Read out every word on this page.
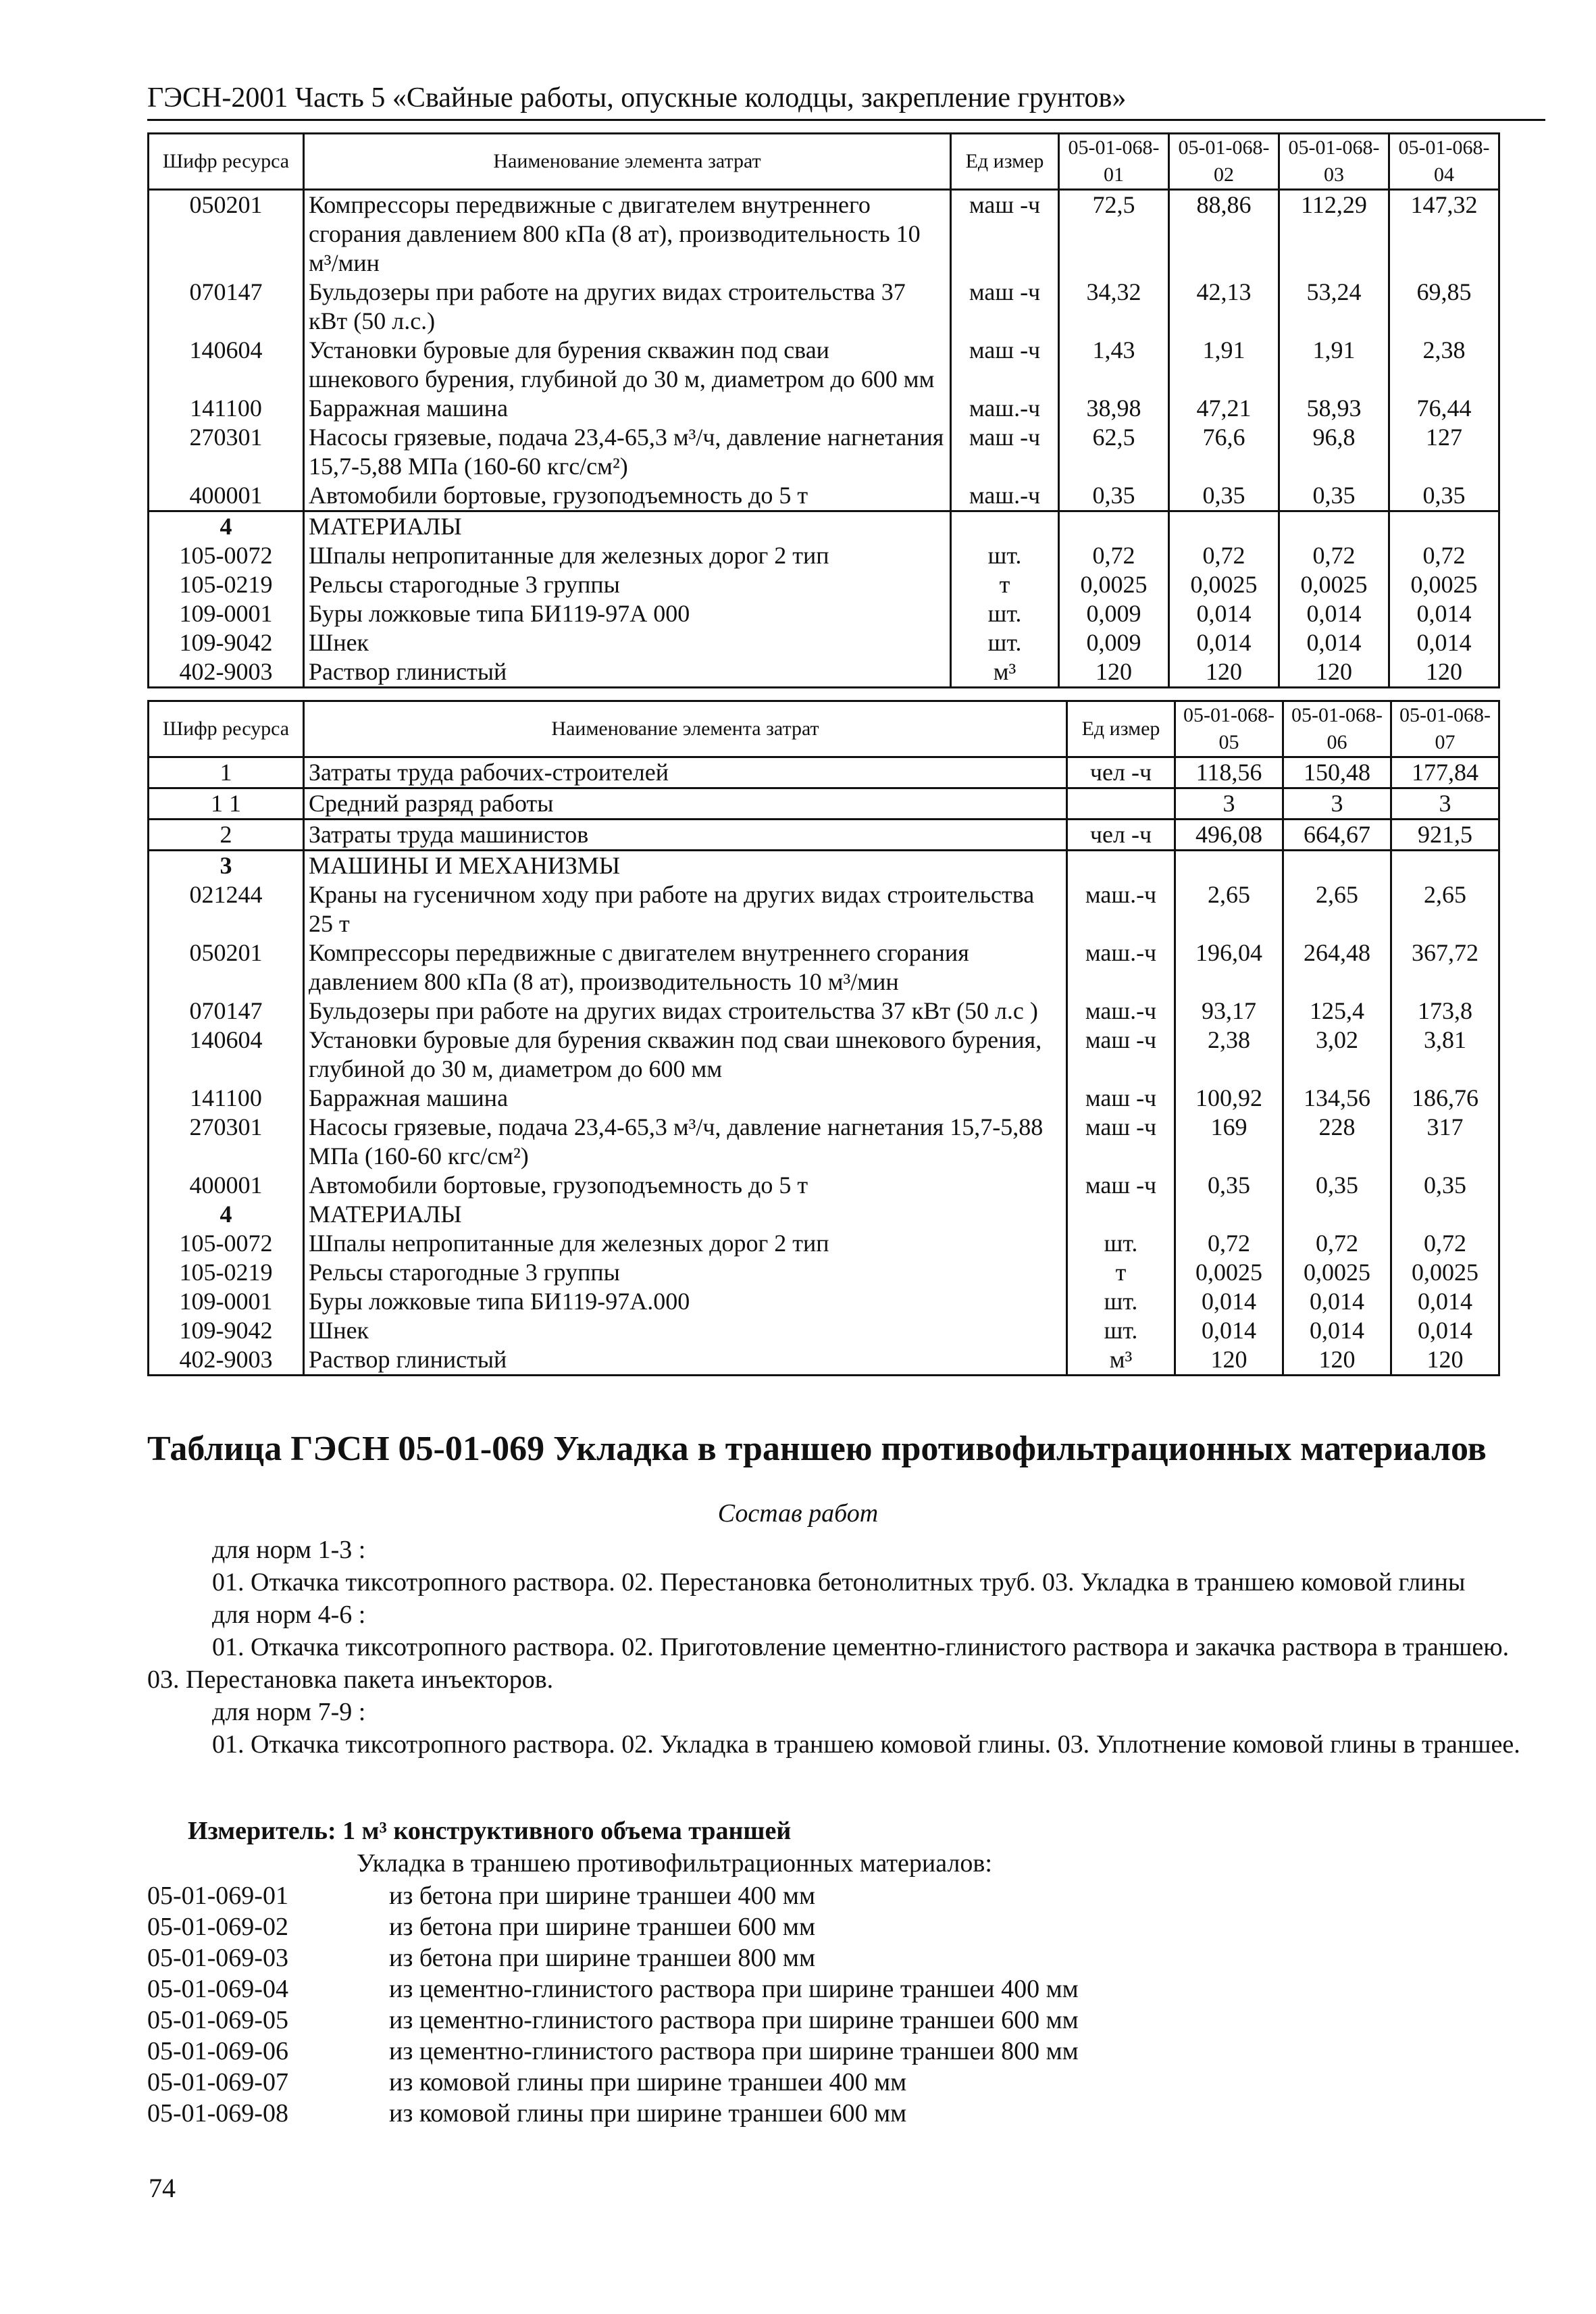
ГЭСН-2001 Часть 5 «Свайные работы, опускные колодцы, закрепление грунтов»
Шифр ресурса	Наименование элемента затрат	Ед измер	05-01-068-01	05-01-068-02	05-01-068-03	05-01-068-04
050201	Компрессоры передвижные с двигателем внутреннего сгорания давлением 800 кПа (8 ат), производительность 10 м³/мин	маш -ч	72,5	88,86	112,29	147,32
070147	Бульдозеры при работе на других видах строительства 37 кВт (50 л.с.)	маш -ч	34,32	42,13	53,24	69,85
140604	Установки буровые для бурения скважин под сваи шнекового бурения, глубиной до 30 м, диаметром до 600 мм	маш -ч	1,43	1,91	1,91	2,38
141100	Барражная машина	маш.-ч	38,98	47,21	58,93	76,44
270301	Насосы грязевые, подача 23,4-65,3 м³/ч, давление нагнетания 15,7-5,88 МПа (160-60 кгс/см²)	маш -ч	62,5	76,6	96,8	127
400001	Автомобили бортовые, грузоподъемность до 5 т	маш.-ч	0,35	0,35	0,35	0,35
4	МАТЕРИАЛЫ					
105-0072	Шпалы непропитанные для железных дорог 2 тип	шт.	0,72	0,72	0,72	0,72
105-0219	Рельсы старогодные 3 группы	т	0,0025	0,0025	0,0025	0,0025
109-0001	Буры ложковые типа БИ119-97А 000	шт.	0,009	0,014	0,014	0,014
109-9042	Шнек	шт.	0,009	0,014	0,014	0,014
402-9003	Раствор глинистый	м³	120	120	120	120
Шифр ресурса	Наименование элемента затрат	Ед измер	05-01-068-05	05-01-068-06	05-01-068-07
1	Затраты труда рабочих-строителей	чел -ч	118,56	150,48	177,84
1 1	Средний разряд работы		3	3	3
2	Затраты труда машинистов	чел -ч	496,08	664,67	921,5
3	МАШИНЫ И МЕХАНИЗМЫ				
021244	Краны на гусеничном ходу при работе на других видах строительства 25 т	маш.-ч	2,65	2,65	2,65
050201	Компрессоры передвижные с двигателем внутреннего сгорания давлением 800 кПа (8 ат), производительность 10 м³/мин	маш.-ч	196,04	264,48	367,72
070147	Бульдозеры при работе на других видах строительства 37 кВт (50 л.с )	маш.-ч	93,17	125,4	173,8
140604	Установки буровые для бурения скважин под сваи шнекового бурения, глубиной до 30 м, диаметром до 600 мм	маш -ч	2,38	3,02	3,81
141100	Барражная машина	маш -ч	100,92	134,56	186,76
270301	Насосы грязевые, подача 23,4-65,3 м³/ч, давление нагнетания 15,7-5,88 МПа (160-60 кгс/см²)	маш -ч	169	228	317
400001	Автомобили бортовые, грузоподъемность до 5 т	маш -ч	0,35	0,35	0,35
4	МАТЕРИАЛЫ				
105-0072	Шпалы непропитанные для железных дорог 2 тип	шт.	0,72	0,72	0,72
105-0219	Рельсы старогодные 3 группы	т	0,0025	0,0025	0,0025
109-0001	Буры ложковые типа БИ119-97А.000	шт.	0,014	0,014	0,014
109-9042	Шнек	шт.	0,014	0,014	0,014
402-9003	Раствор глинистый	м³	120	120	120
Таблица ГЭСН 05-01-069 Укладка в траншею противофильтрационных материалов
Состав работ
для норм 1-3 :
01. Откачка тиксотропного раствора. 02. Перестановка бетонолитных труб. 03. Укладка в траншею комовой глины
для норм 4-6 :
01. Откачка тиксотропного раствора. 02. Приготовление цементно-глинистого раствора и закачка раствора в траншею. 03. Перестановка пакета инъекторов.
для норм 7-9 :
01. Откачка тиксотропного раствора. 02. Укладка в траншею комовой глины. 03. Уплотнение комовой глины в траншее.
Измеритель: 1 м³ конструктивного объема траншей
Укладка в траншею противофильтрационных материалов:
05-01-069-01	из бетона при ширине траншеи 400 мм
05-01-069-02	из бетона при ширине траншеи 600 мм
05-01-069-03	из бетона при ширине траншеи 800 мм
05-01-069-04	из цементно-глинистого раствора при ширине траншеи 400 мм
05-01-069-05	из цементно-глинистого раствора при ширине траншеи 600 мм
05-01-069-06	из цементно-глинистого раствора при ширине траншеи 800 мм
05-01-069-07	из комовой глины при ширине траншеи 400 мм
05-01-069-08	из комовой глины при ширине траншеи 600 мм
74
